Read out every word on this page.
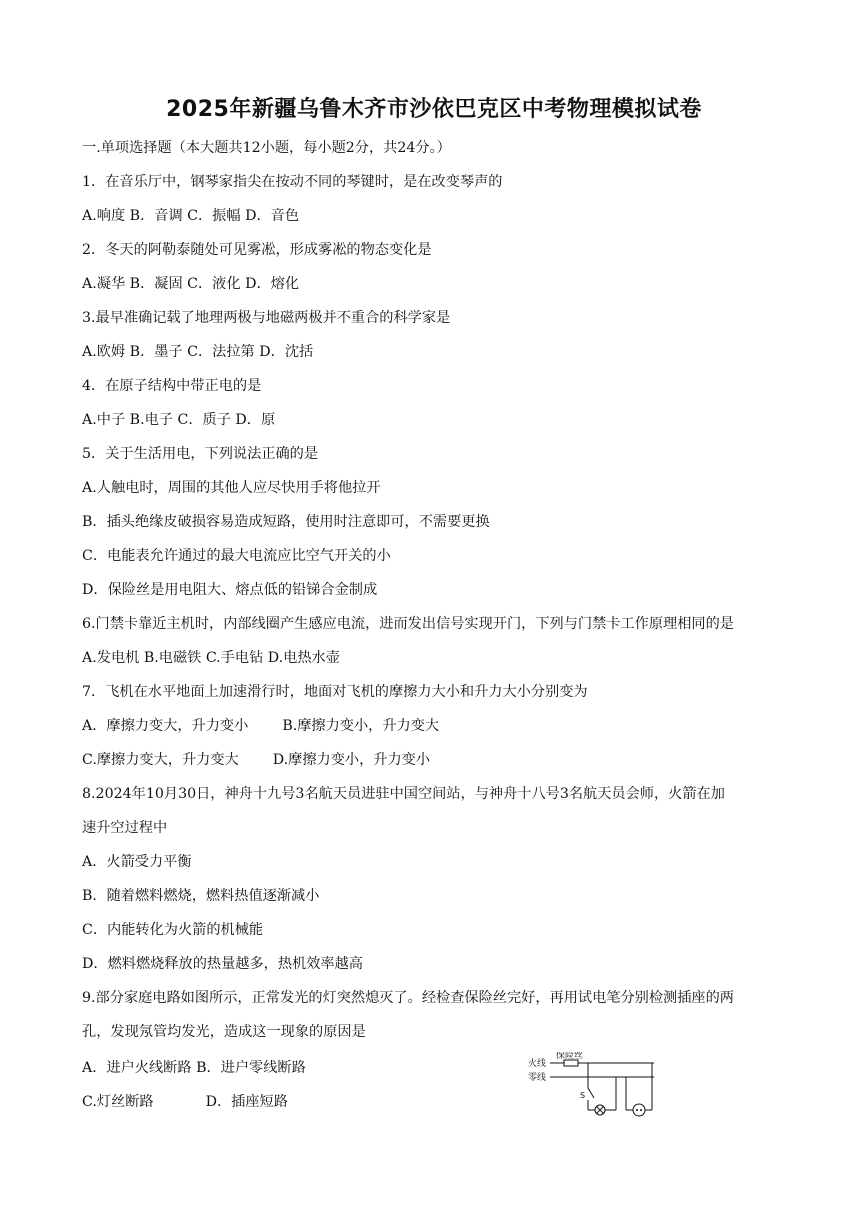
2025年新疆乌鲁木齐市沙依巴克区中考物理模拟试卷
一.单项选择题（本大题共12小题，每小题2分，共24分。）
1．在音乐厅中，钢琴家指尖在按动不同的琴键时，是在改变琴声的
A.响度 B．音调 C．振幅 D．音色
2．冬天的阿勒泰随处可见雾凇，形成雾凇的物态变化是
A.凝华 B．凝固 C．液化 D．熔化
3.最早准确记载了地理两极与地磁两极并不重合的科学家是
A.欧姆 B．墨子 C．法拉第 D．沈括
4．在原子结构中带正电的是
A.中子 B.电子 C．质子 D．原
5．关于生活用电，下列说法正确的是
A.人触电时，周围的其他人应尽快用手将他拉开
B．插头绝缘皮破损容易造成短路，使用时注意即可，不需要更换
C．电能表允许通过的最大电流应比空气开关的小
D．保险丝是用电阻大、熔点低的铅锑合金制成
6.门禁卡靠近主机时，内部线圈产生感应电流，进而发出信号实现开门，下列与门禁卡工作原理相同的是
A.发电机 B.电磁铁 C.手电钻 D.电热水壶
7．飞机在水平地面上加速滑行时，地面对飞机的摩擦力大小和升力大小分别变为
A．摩擦力变大，升力变小 B.摩擦力变小，升力变大
C.摩擦力变大，升力变大 D.摩擦力变小，升力变小
8.2024年10月30日，神舟十九号3名航天员进驻中国空间站，与神舟十八号3名航天员会师，火箭在加
速升空过程中
A．火箭受力平衡
B．随着燃料燃烧，燃料热值逐渐减小
C．内能转化为火箭的机械能
D．燃料燃烧释放的热量越多，热机效率越高
9.部分家庭电路如图所示，正常发光的灯突然熄灭了。经检查保险丝完好，再用试电笔分别检测插座的两
孔，发现氖管均发光，造成这一现象的原因是
A．进户火线断路 B．进户零线断路
C.灯丝断路	D．插座短路
火线
零线
保险丝
S
